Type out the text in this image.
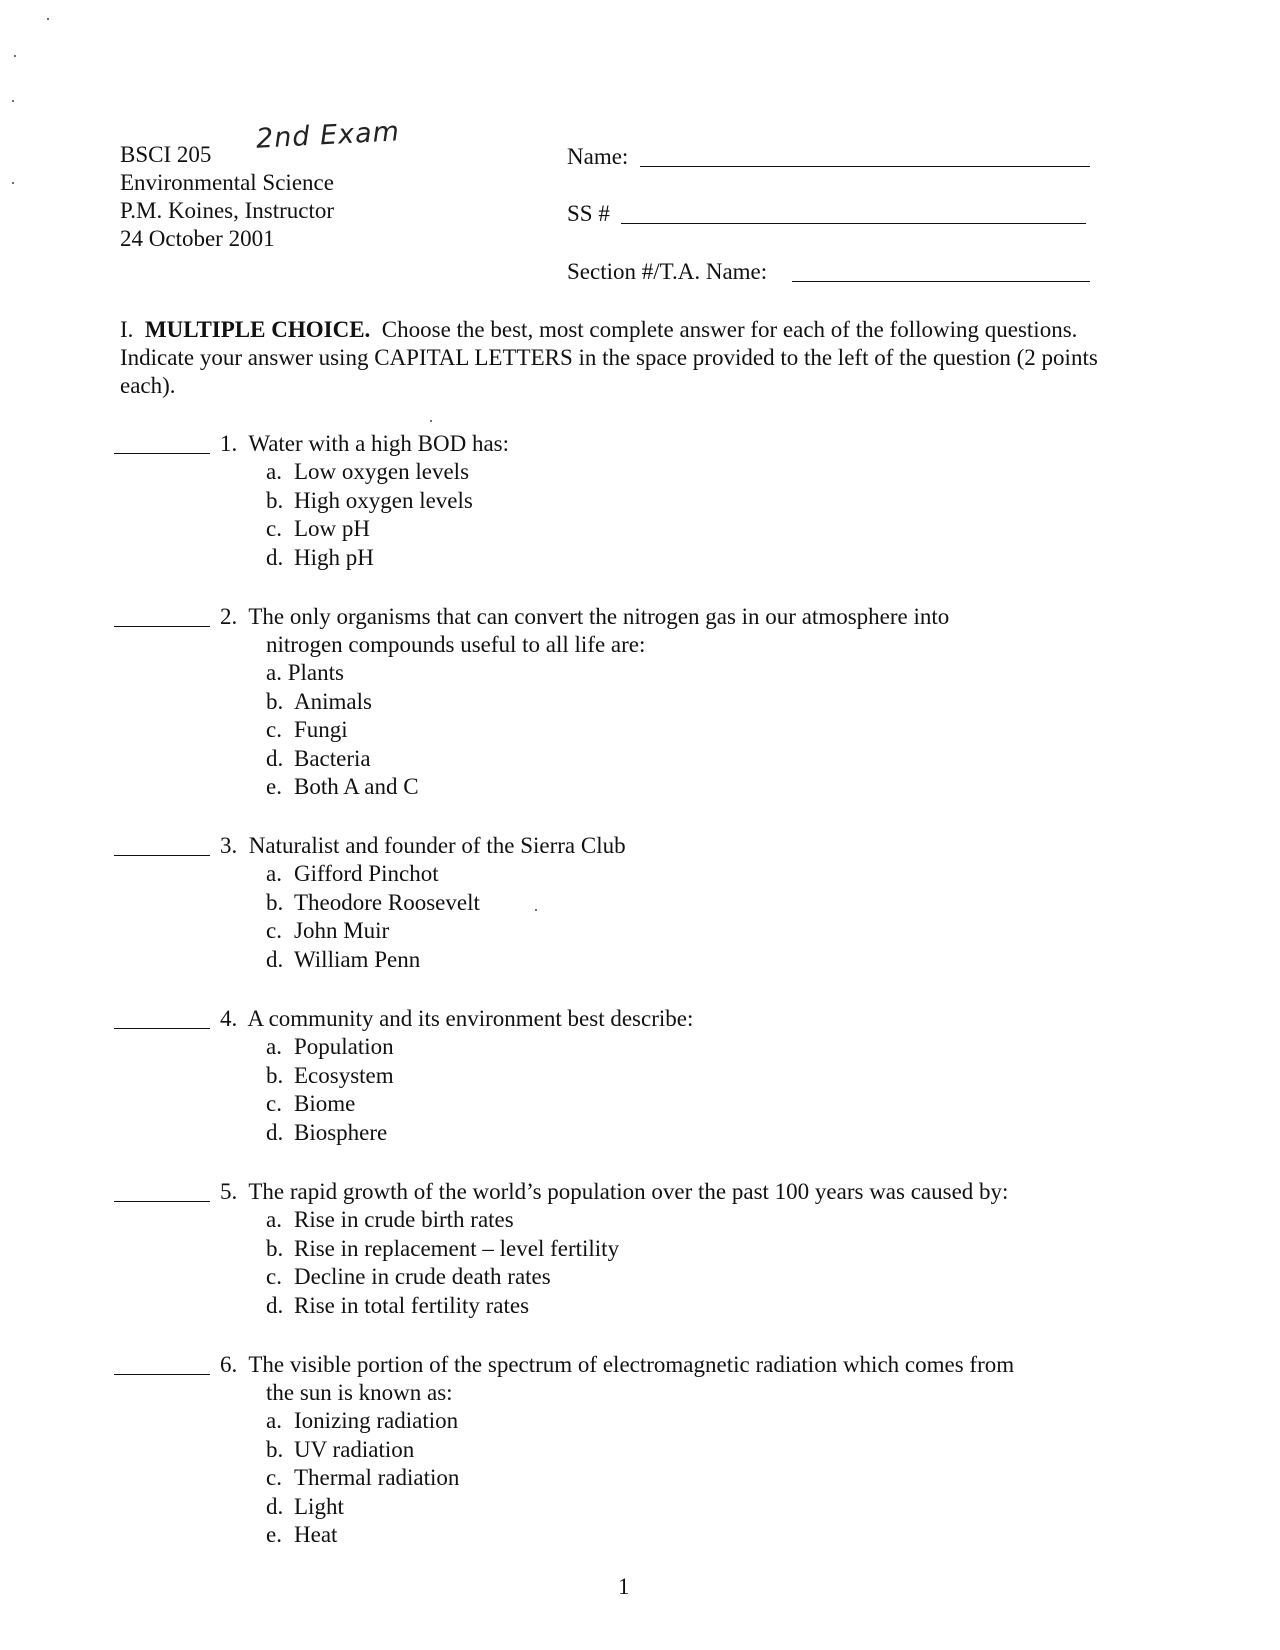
BSCI 205 2nd Exam
Environmental Science
P.M. Koines, Instructor
24 October 2001
Name:
SS #
Section #/T.A. Name:
I. MULTIPLE CHOICE. Choose the best, most complete answer for each of the following questions. Indicate your answer using CAPITAL LETTERS in the space provided to the left of the question (2 points each).
1. Water with a high BOD has:
a. Low oxygen levels
b. High oxygen levels
c. Low pH
d. High pH
2. The only organisms that can convert the nitrogen gas in our atmosphere into
nitrogen compounds useful to all life are:
a. Plants
b. Animals
c. Fungi
d. Bacteria
e. Both A and C
3. Naturalist and founder of the Sierra Club
a. Gifford Pinchot
b. Theodore Roosevelt
c. John Muir
d. William Penn
4. A community and its environment best describe:
a. Population
b. Ecosystem
c. Biome
d. Biosphere
5. The rapid growth of the world’s population over the past 100 years was caused by:
a. Rise in crude birth rates
b. Rise in replacement – level fertility
c. Decline in crude death rates
d. Rise in total fertility rates
6. The visible portion of the spectrum of electromagnetic radiation which comes from
the sun is known as:
a. Ionizing radiation
b. UV radiation
c. Thermal radiation
d. Light
e. Heat
1
